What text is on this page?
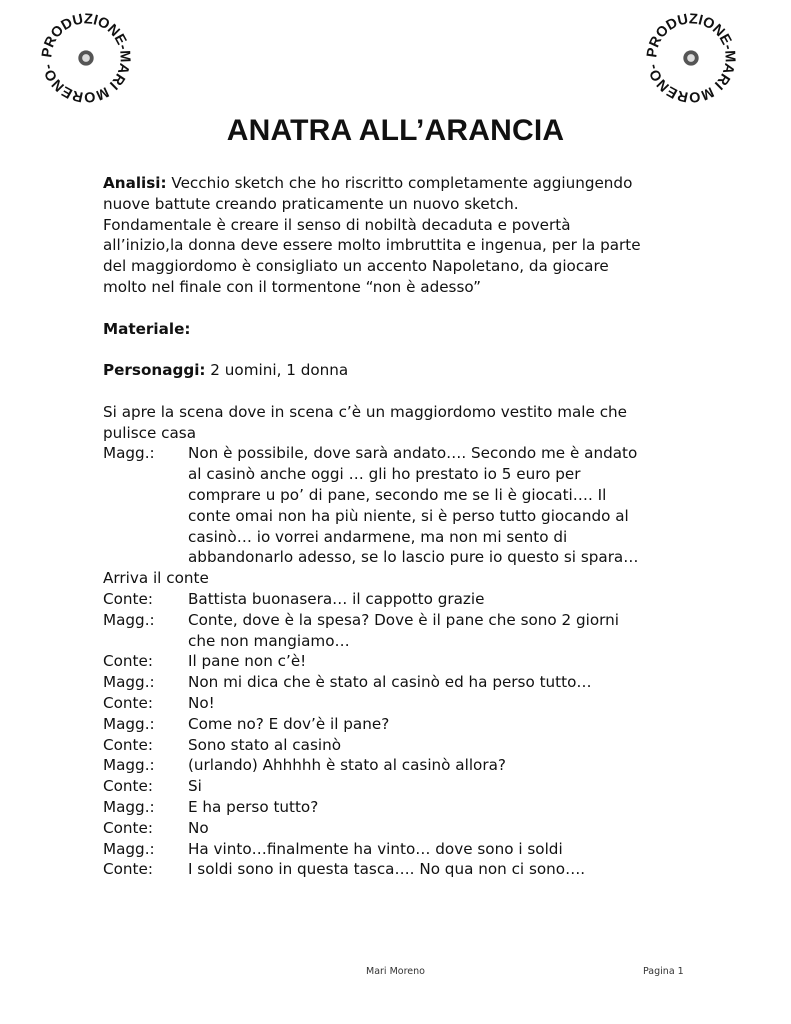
PRODUZIONE-MARI MORENO-
PRODUZIONE-MARI MORENO-
ANATRA ALL’ARANCIA

Analisi: Vecchio sketch che ho riscritto completamente aggiungendo

nuove battute creando praticamente un nuovo sketch.

Fondamentale è creare il senso di nobiltà decaduta e povertà

all’inizio,la donna deve essere molto imbruttita e ingenua, per la parte

del maggiordomo è consigliato un accento Napoletano, da giocare

molto nel finale con il tormentone “non è adesso”

Materiale:

Personaggi: 2 uomini, 1 donna

Si apre la scena dove in scena c’è un maggiordomo vestito male che

pulisce casa

Magg.:	Non è possibile, dove sarà andato…. Secondo me è andato
al casinò anche oggi … gli ho prestato io 5 euro per
comprare u po’ di pane, secondo me se li è giocati…. Il
conte omai non ha più niente, si è perso tutto giocando al
casinò… io vorrei andarmene, ma non mi sento di
abbandonarlo adesso, se lo lascio pure io questo si spara…

Arriva il conte

Conte:	Battista buonasera… il cappotto grazie
Magg.:	Conte, dove è la spesa? Dove è il pane che sono 2 giorni
che non mangiamo…
Conte:	Il pane non c’è!
Magg.:	Non mi dica che è stato al casinò ed ha perso tutto…
Conte:	No!
Magg.:	Come no? E dov’è il pane?
Conte:	Sono stato al casinò
Magg.:	(urlando) Ahhhhh è stato al casinò allora?
Conte:	Si
Magg.:	E ha perso tutto?
Conte:	No
Magg.:	Ha vinto…finalmente ha vinto… dove sono i soldi
Conte:	I soldi sono in questa tasca…. No qua non ci sono….
Mari Moreno	Pagina 1
